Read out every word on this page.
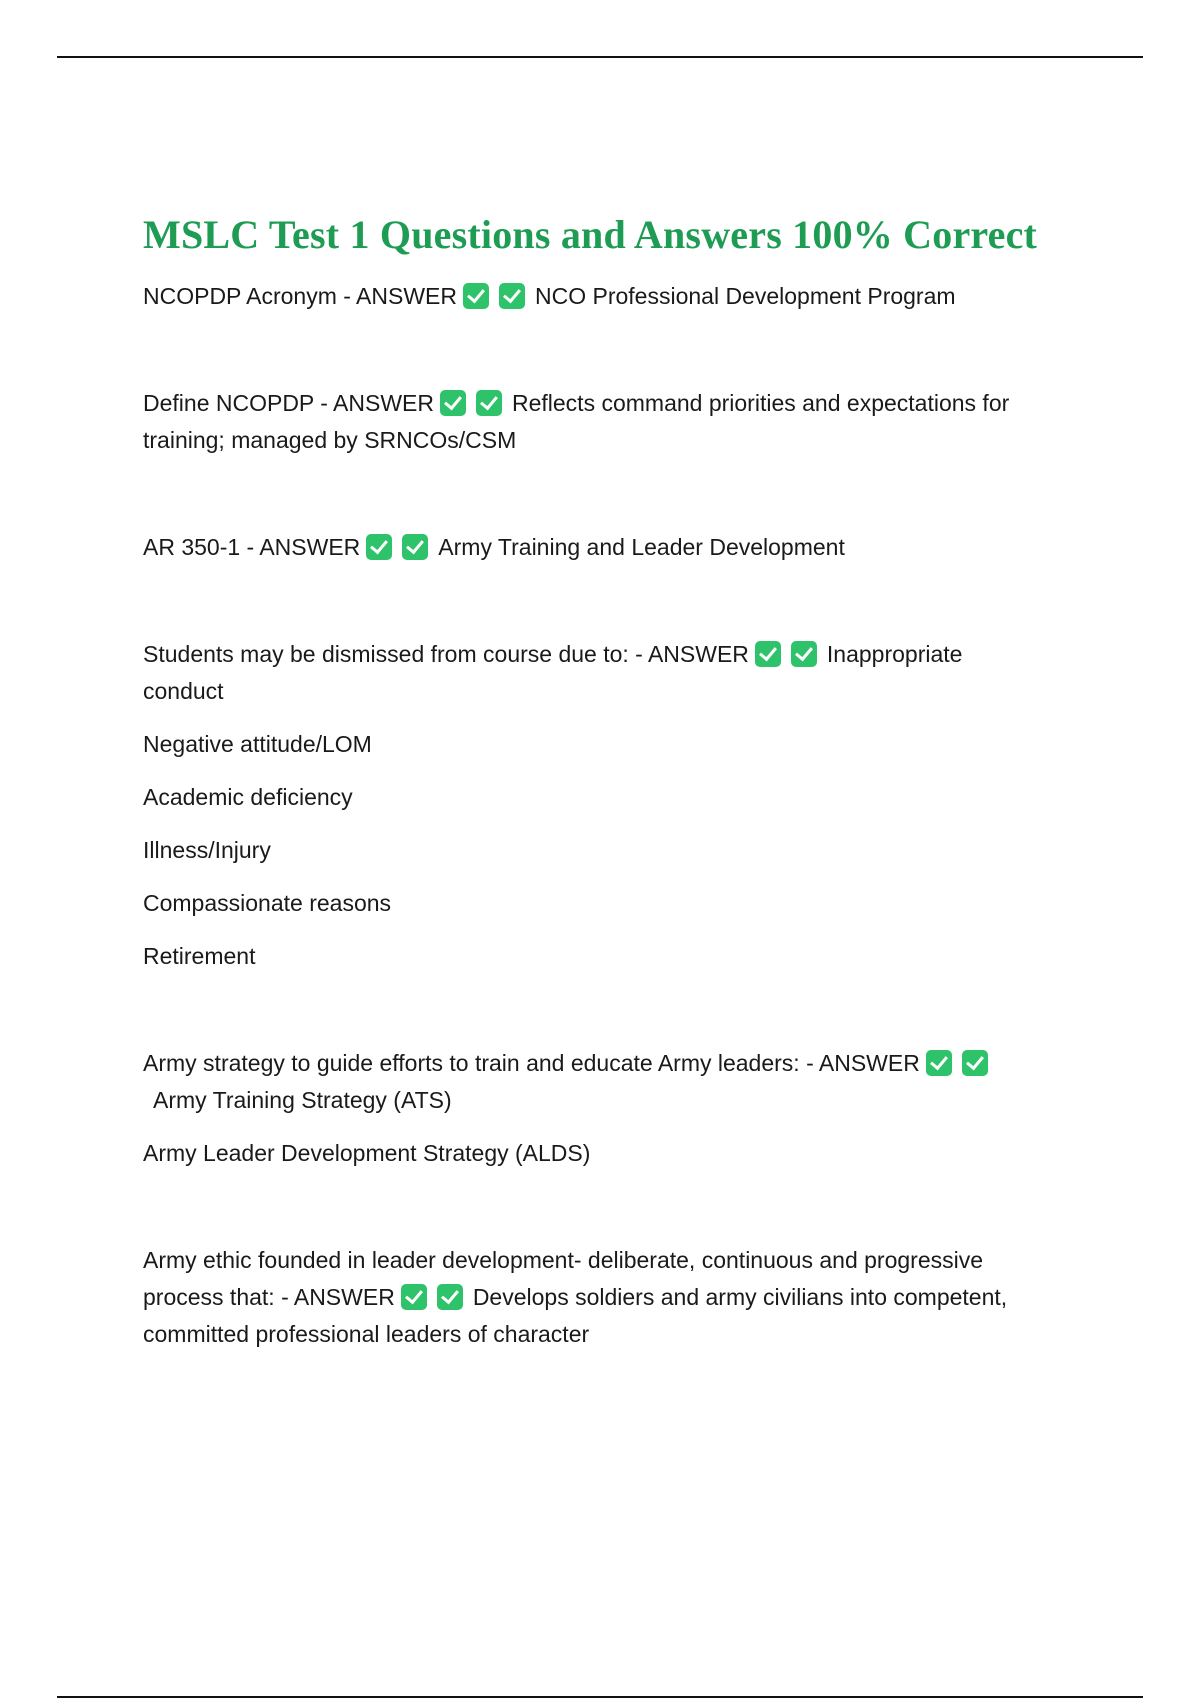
MSLC Test 1 Questions and Answers 100% Correct

NCOPDP Acronym - ANSWER	NCO Professional Development Program

Define NCOPDP - ANSWER	Reflects command priorities and expectations for training; managed by SRNCOs/CSM

AR 350-1 - ANSWER	Army Training and Leader Development

Students may be dismissed from course due to: - ANSWER	Inappropriate conduct

Negative attitude/LOM

Academic deficiency

Illness/Injury

Compassionate reasons

Retirement

Army strategy to guide efforts to train and educate Army leaders: - ANSWERArmy Training Strategy (ATS)

Army Leader Development Strategy (ALDS)

Army ethic founded in leader development- deliberate, continuous and progressive process that: - ANSWER	Develops soldiers and army civilians into competent, committed professional leaders of character
